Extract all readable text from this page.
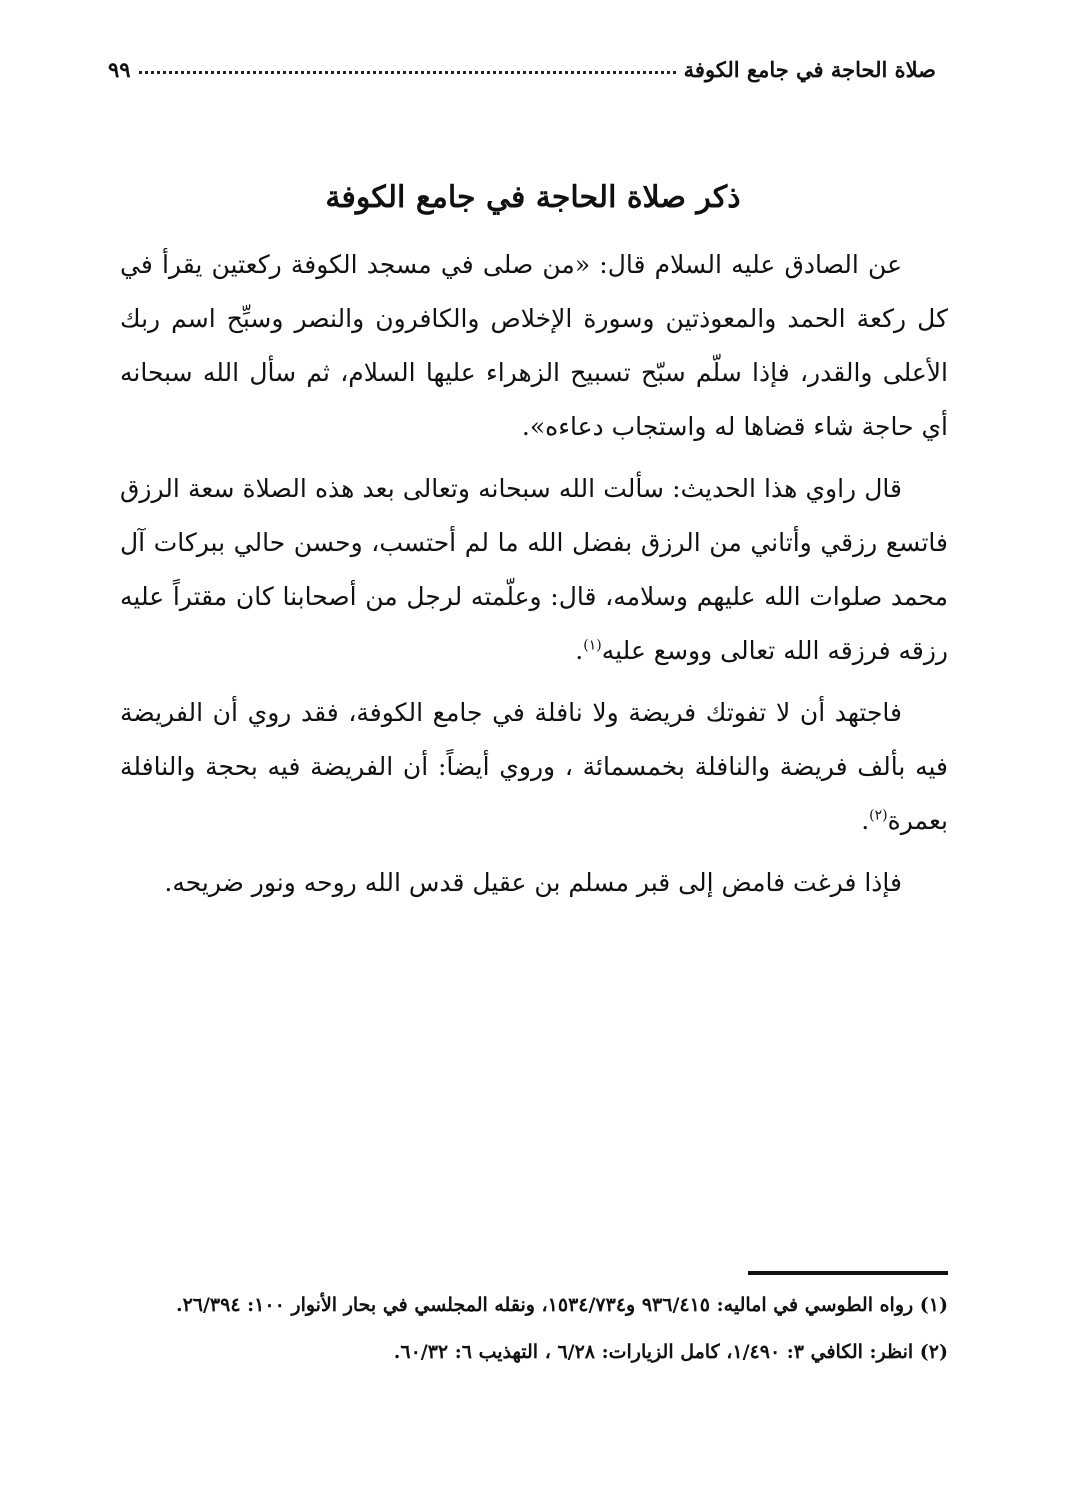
صلاة الحاجة في جامع الكوفة
٩٩
ذكر صلاة الحاجة في جامع الكوفة

عن الصادق عليه السلام قال: «من صلى في مسجد الكوفة ركعتين يقرأ في كل ركعة الحمد والمعوذتين وسورة الإخلاص والكافرون والنصر وسبِّح اسم ربك الأعلى والقدر، فإذا سلّم سبّح تسبيح الزهراء عليها السلام، ثم سأل الله سبحانه أي حاجة شاء قضاها له واستجاب دعاءه».

قال راوي هذا الحديث: سألت الله سبحانه وتعالى بعد هذه الصلاة سعة الرزق فاتسع رزقي وأتاني من الرزق بفضل الله ما لم أحتسب، وحسن حالي ببركات آل محمد صلوات الله عليهم وسلامه، قال: وعلّمته لرجل من أصحابنا كان مقتراً عليه رزقه فرزقه الله تعالى ووسع عليه$^{(١)}$.

فاجتهد أن لا تفوتك فريضة ولا نافلة في جامع الكوفة، فقد روي أن الفريضة فيه بألف فريضة والنافلة بخمسمائة ، وروي أيضاً: أن الفريضة فيه بحجة والنافلة بعمرة$^{(٢)}$.

فإذا فرغت فامض إلى قبر مسلم بن عقيل قدس الله روحه ونور ضريحه.

(١) رواه الطوسي في اماليه: ٩٣٦/٤١٥ و١٥٣٤/٧٣٤، ونقله المجلسي في بحار الأنوار ١٠٠: ٢٦/٣٩٤.

(٢) انظر: الكافي ٣: ١/٤٩٠، كامل الزيارات: ٦/٢٨ ، التهذيب ٦: ٦٠/٣٢.
